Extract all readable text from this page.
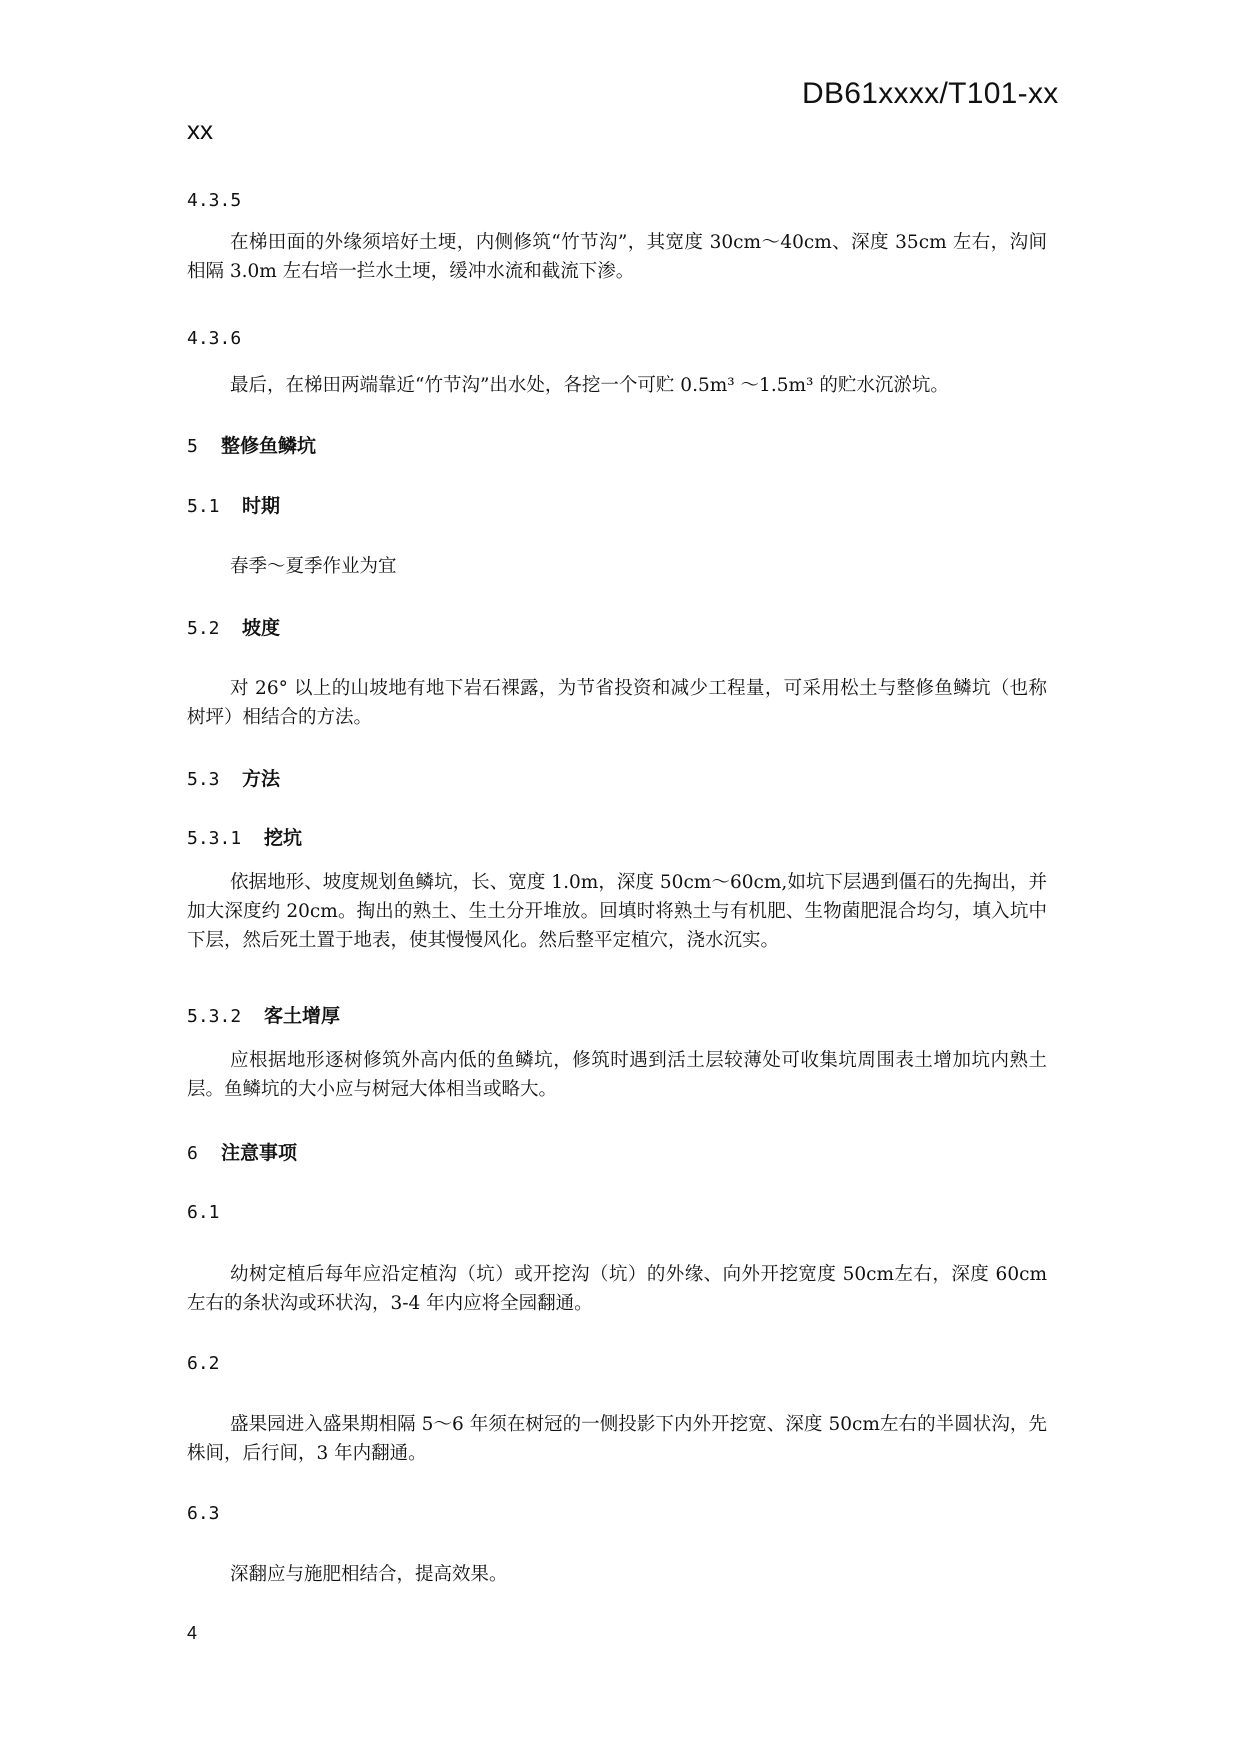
DB61xxxx/T101-xx
xx
4.3.5

在梯田面的外缘须培好土埂，内侧修筑“竹节沟”，其宽度 30cm～40cm、深度 35cm 左右，沟间相隔 3.0m 左右培一拦水土埂，缓冲水流和截流下渗。

4.3.6

最后，在梯田两端靠近“竹节沟”出水处，各挖一个可贮 0.5m³ ～1.5m³ 的贮水沉淤坑。

5 整修鱼鳞坑
5.1 时期

春季～夏季作业为宜

5.2 坡度

对 26° 以上的山坡地有地下岩石裸露，为节省投资和减少工程量，可采用松土与整修鱼鳞坑（也称树坪）相结合的方法。

5.3 方法
5.3.1 挖坑

依据地形、坡度规划鱼鳞坑，长、宽度 1.0m，深度 50cm～60cm,如坑下层遇到僵石的先掏出，并加大深度约 20cm。掏出的熟土、生土分开堆放。回填时将熟土与有机肥、生物菌肥混合均匀，填入坑中下层，然后死土置于地表，使其慢慢风化。然后整平定植穴，浇水沉实。

5.3.2 客土增厚

应根据地形逐树修筑外高内低的鱼鳞坑，修筑时遇到活土层较薄处可收集坑周围表土增加坑内熟土层。鱼鳞坑的大小应与树冠大体相当或略大。

6 注意事项
6.1

幼树定植后每年应沿定植沟（坑）或开挖沟（坑）的外缘、向外开挖宽度 50cm左右，深度 60cm左右的条状沟或环状沟，3-4 年内应将全园翻通。

6.2

盛果园进入盛果期相隔 5～6 年须在树冠的一侧投影下内外开挖宽、深度 50cm左右的半圆状沟，先株间，后行间，3 年内翻通。

6.3

深翻应与施肥相结合，提高效果。

4
